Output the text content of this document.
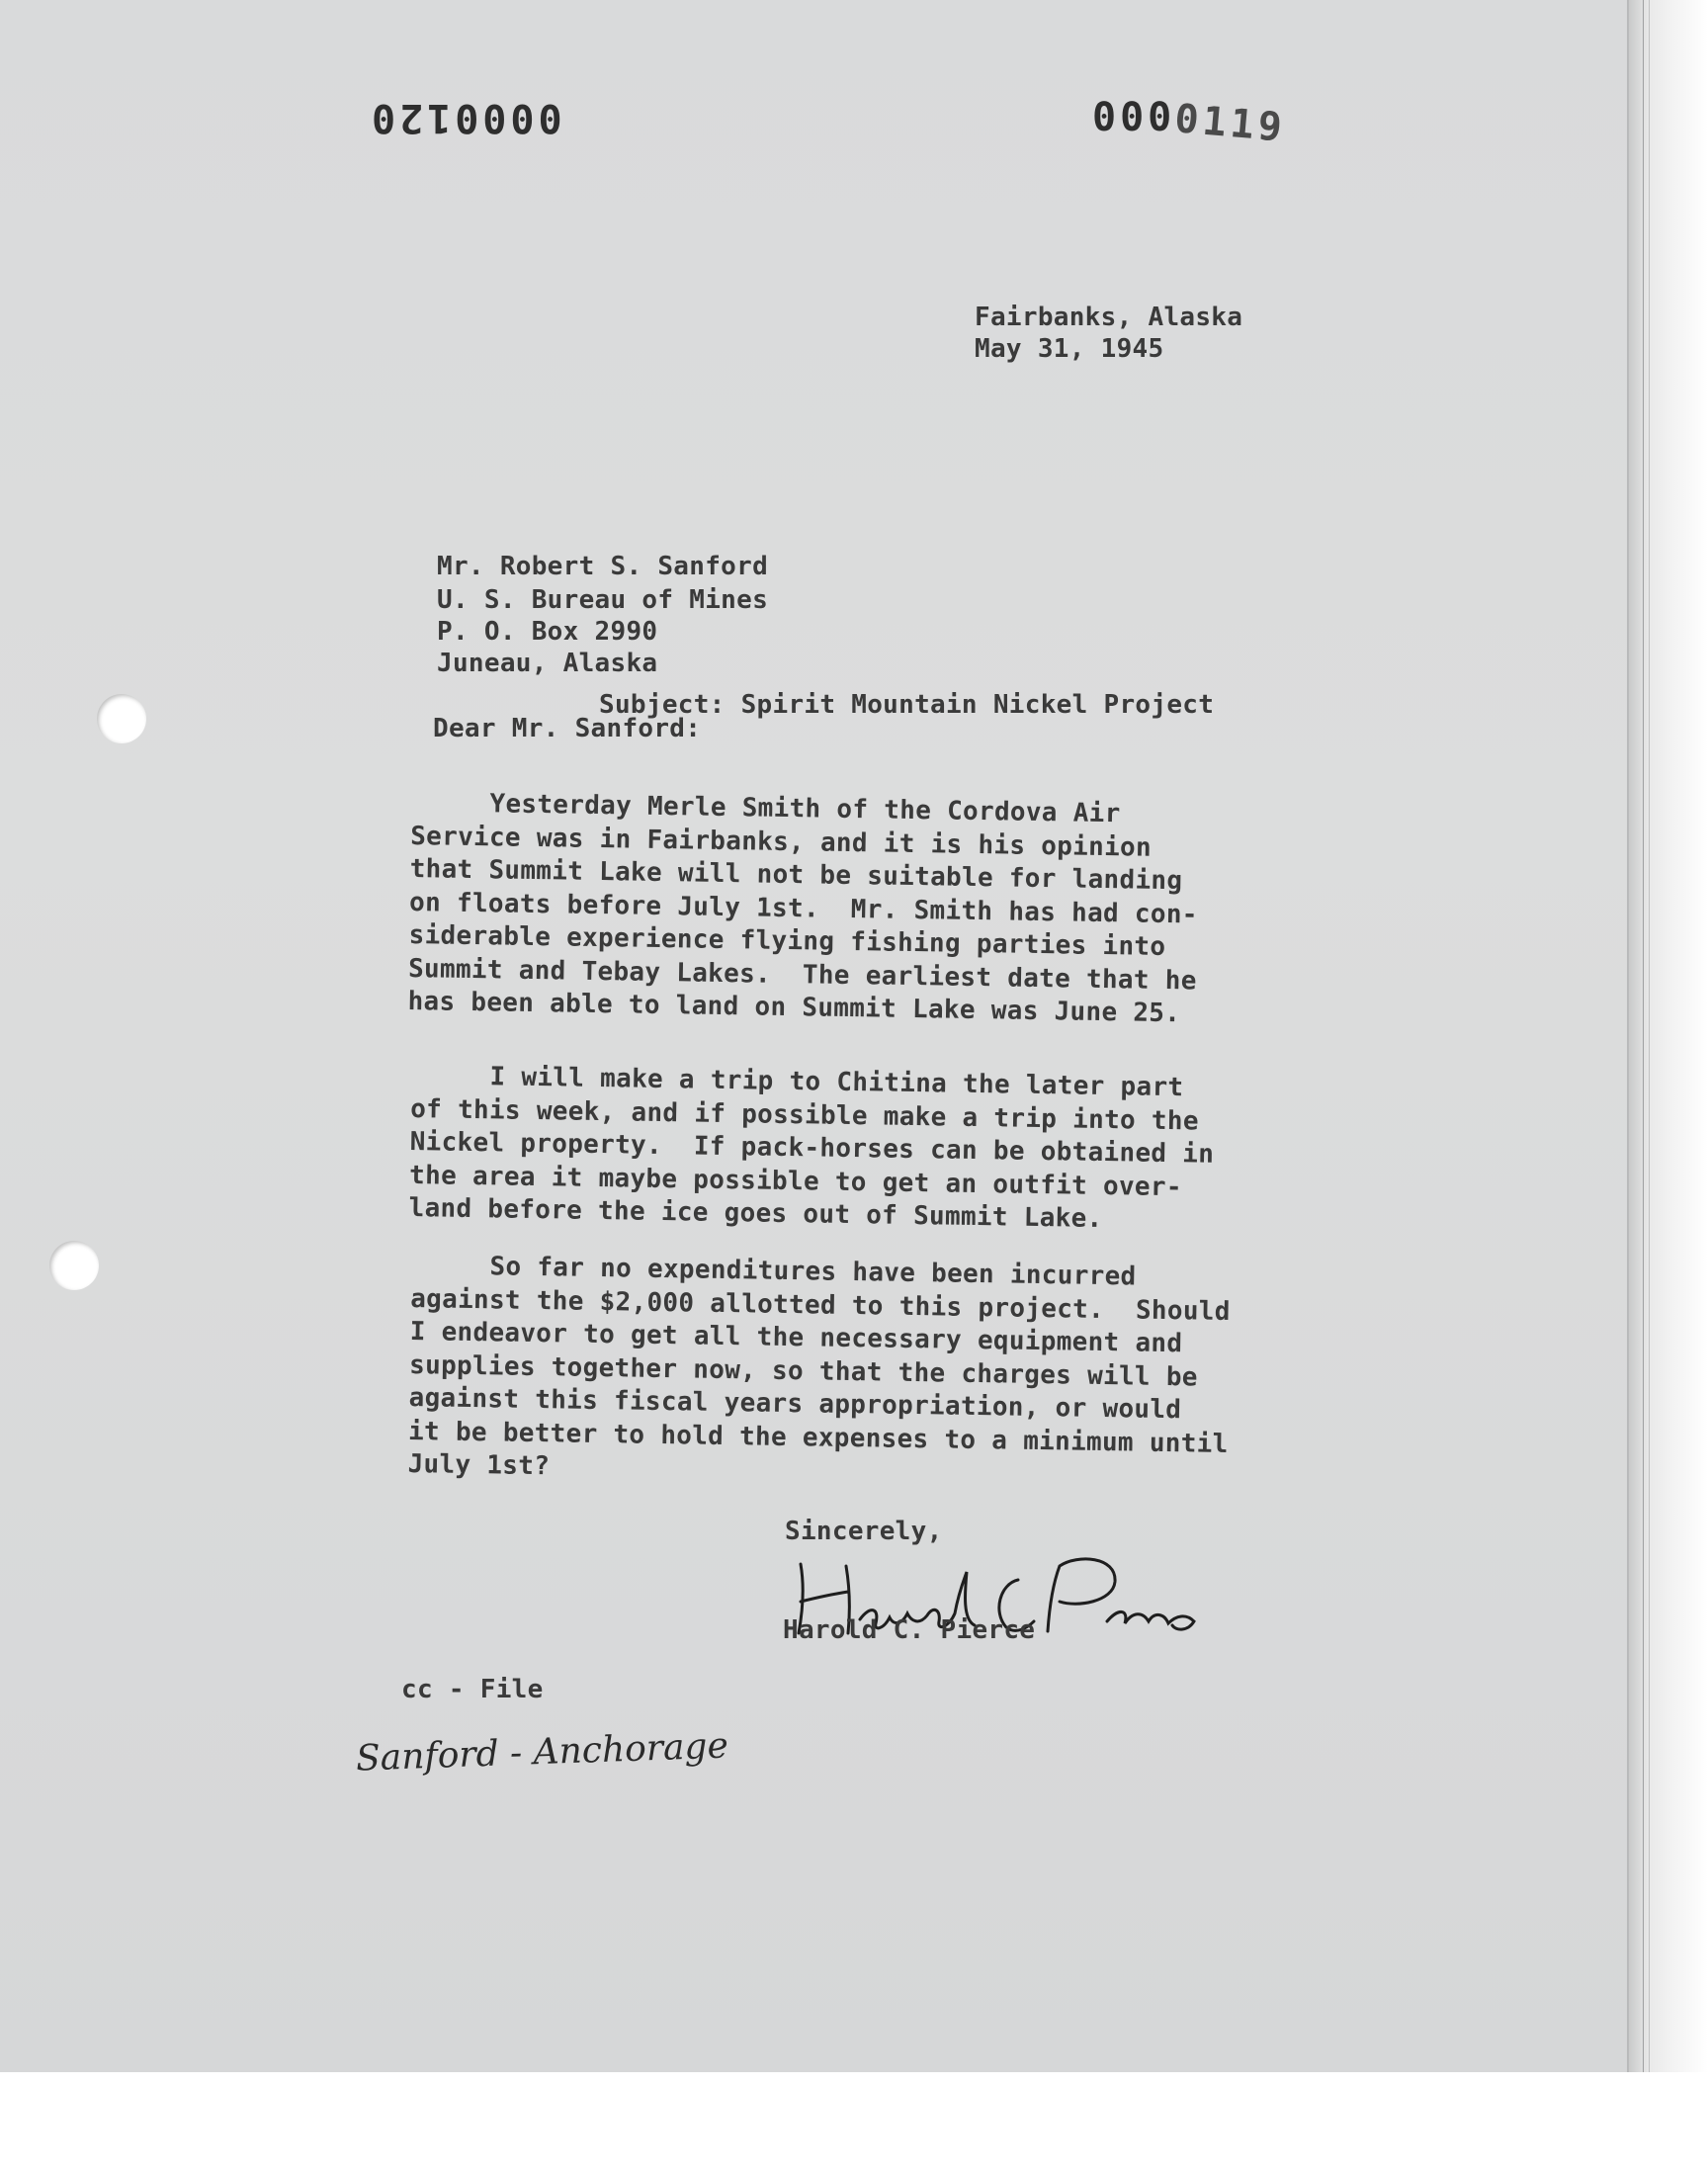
0000120	0000119

Fairbanks, Alaska

May 31, 1945

Mr. Robert S. Sanford

U. S. Bureau of Mines

P. O. Box 2990

Juneau, Alaska

Subject: Spirit Mountain Nickel Project

Dear Mr. Sanford:

Yesterday Merle Smith of the Cordova Air
Service was in Fairbanks, and it is his opinion
that Summit Lake will not be suitable for landing
on floats before July 1st.  Mr. Smith has had con-
siderable experience flying fishing parties into
Summit and Tebay Lakes.  The earliest date that he
has been able to land on Summit Lake was June 25.
I will make a trip to Chitina the later part
of this week, and if possible make a trip into the
Nickel property.  If pack-horses can be obtained in
the area it maybe possible to get an outfit over-
land before the ice goes out of Summit Lake.
So far no expenditures have been incurred
against the $2,000 allotted to this project.  Should
I endeavor to get all the necessary equipment and
supplies together now, so that the charges will be
against this fiscal years appropriation, or would
it be better to hold the expenses to a minimum until
July 1st?

Sincerely,

Harold C. Pierce

cc - File

Sanford - Anchorage
